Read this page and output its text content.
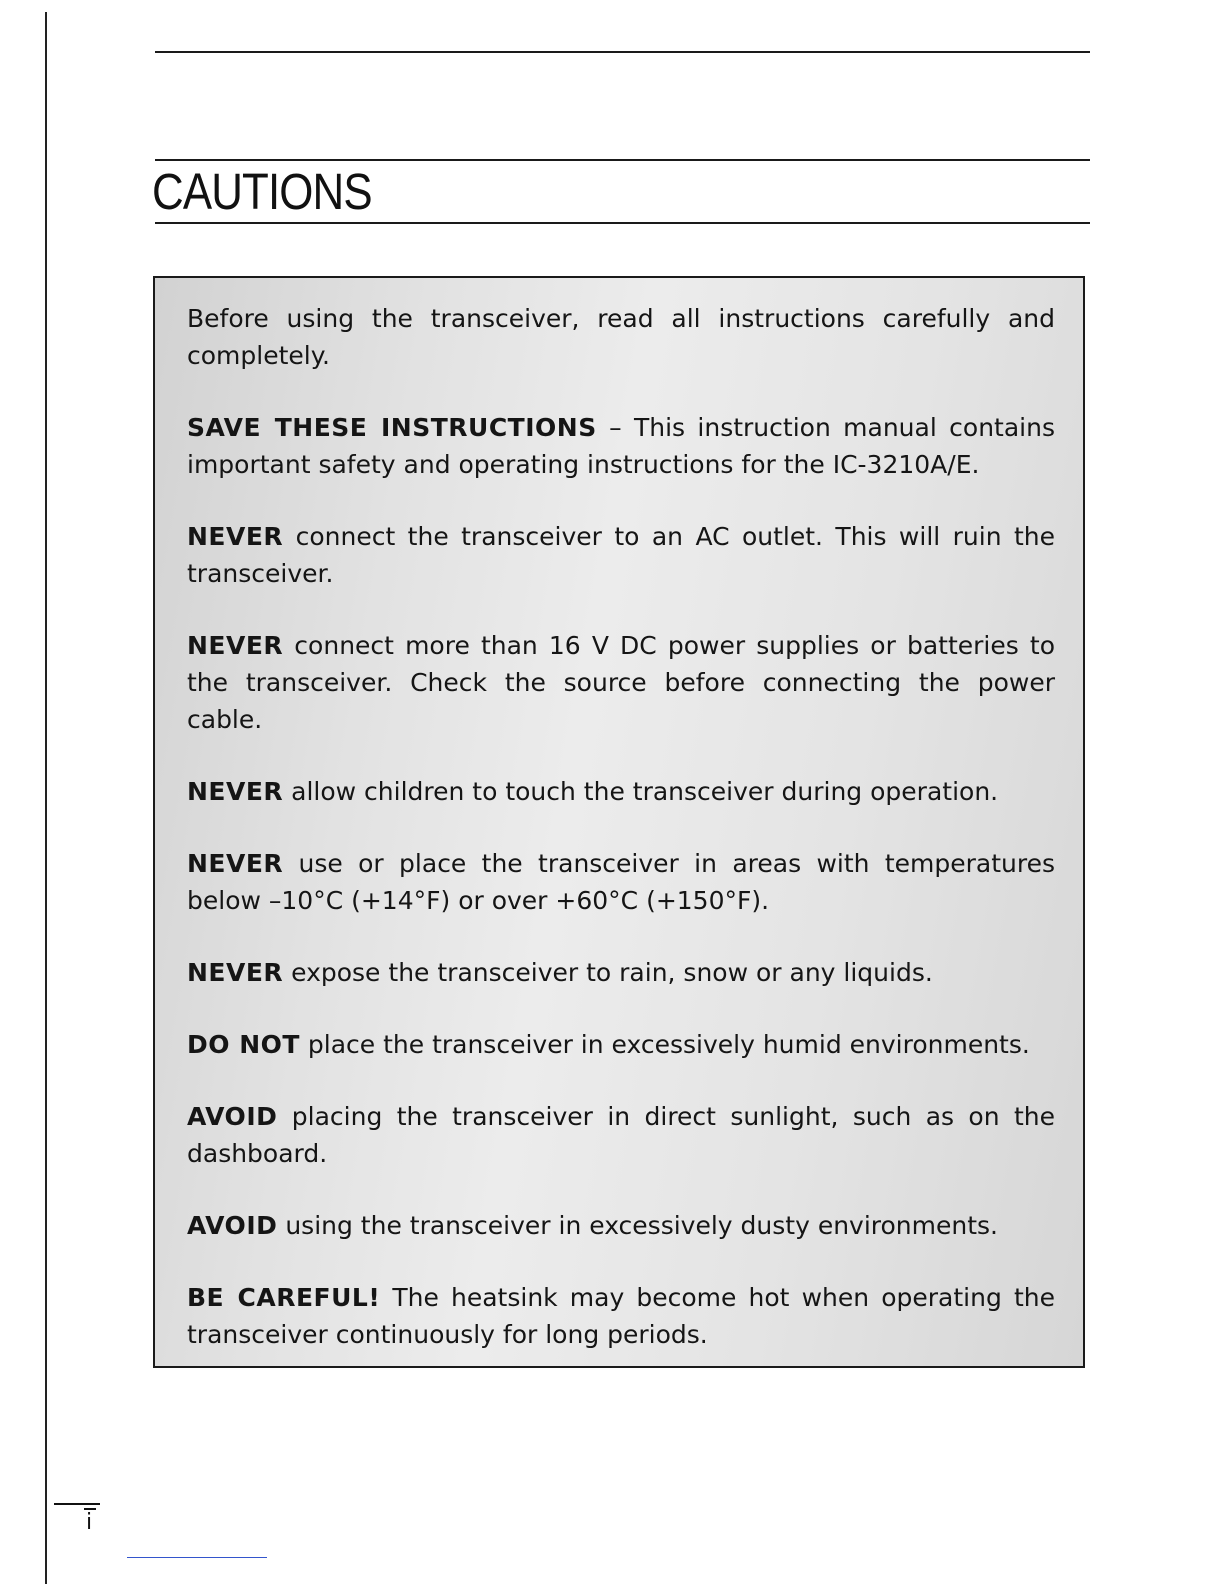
CAUTIONS

Before using the transceiver, read all instructions carefully and completely.

SAVE THESE INSTRUCTIONS – This instruction manual contains important safety and operating instructions for the IC-3210A/E.

NEVER connect the transceiver to an AC outlet. This will ruin the transceiver.

NEVER connect more than 16 V DC power supplies or batteries to the transceiver. Check the source before connecting the power cable.

NEVER allow children to touch the transceiver during operation.

NEVER use or place the transceiver in areas with temperatures below –10°C (+14°F) or over +60°C (+150°F).

NEVER expose the transceiver to rain, snow or any liquids.

DO NOT place the transceiver in excessively humid environments.

AVOID placing the transceiver in direct sunlight, such as on the dashboard.

AVOID using the transceiver in excessively dusty environments.

BE CAREFUL! The heatsink may become hot when operating the transceiver continuously for long periods.

i
